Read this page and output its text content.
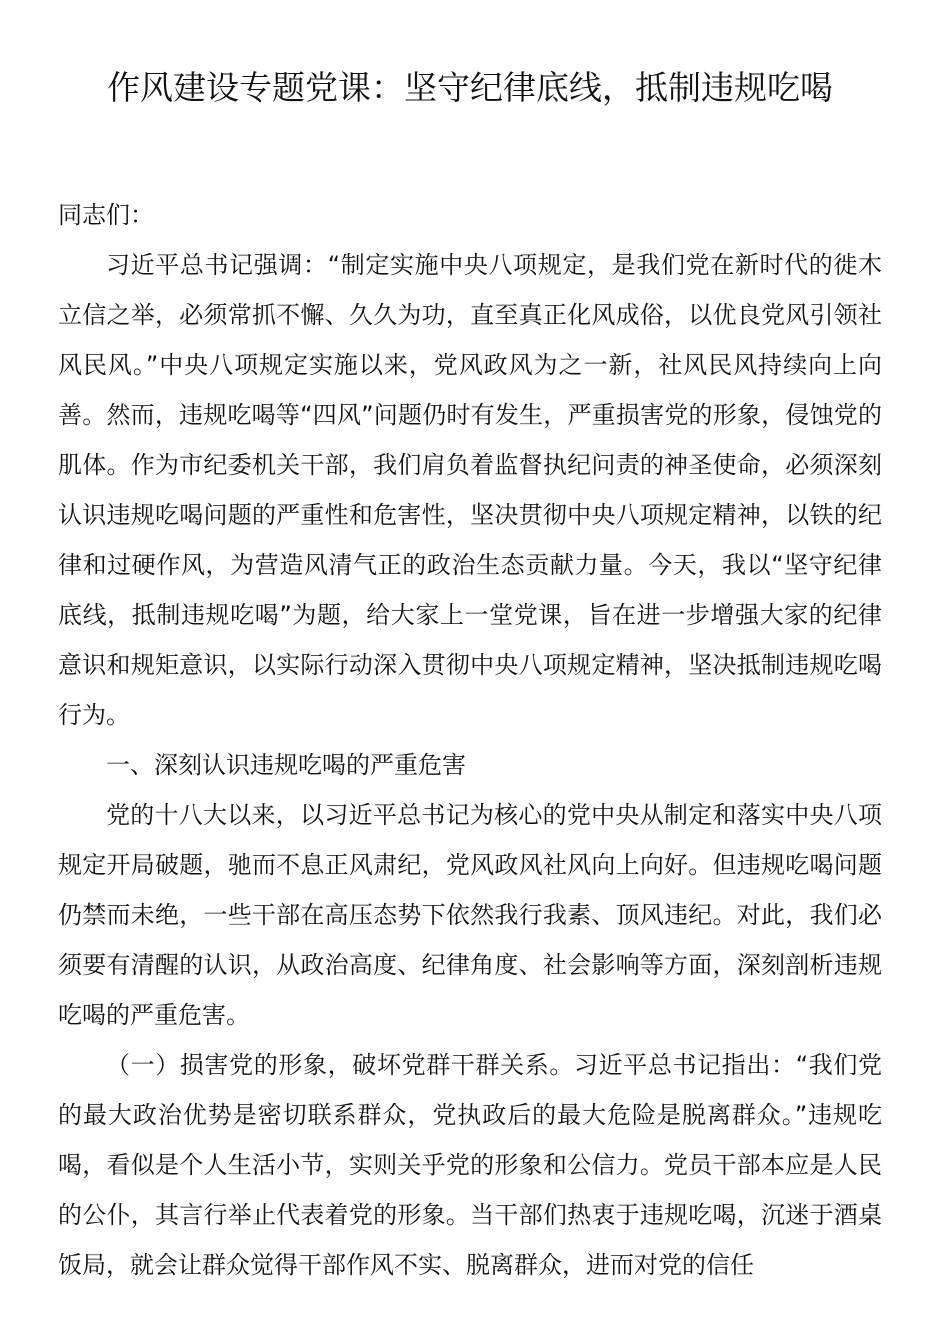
作风建设专题党课：坚守纪律底线，抵制违规吃喝

同志们：

习近平总书记强调：“制定实施中央八项规定，是我们党在新时代的徙木立信之举，必须常抓不懈、久久为功，直至真正化风成俗，以优良党风引领社风民风。”中央八项规定实施以来，党风政风为之一新，社风民风持续向上向善。然而，违规吃喝等“四风”问题仍时有发生，严重损害党的形象，侵蚀党的肌体。作为市纪委机关干部，我们肩负着监督执纪问责的神圣使命，必须深刻认识违规吃喝问题的严重性和危害性，坚决贯彻中央八项规定精神，以铁的纪律和过硬作风，为营造风清气正的政治生态贡献力量。今天，我以“坚守纪律底线，抵制违规吃喝”为题，给大家上一堂党课，旨在进一步增强大家的纪律意识和规矩意识，以实际行动深入贯彻中央八项规定精神，坚决抵制违规吃喝行为。

一、深刻认识违规吃喝的严重危害

党的十八大以来，以习近平总书记为核心的党中央从制定和落实中央八项规定开局破题，驰而不息正风肃纪，党风政风社风向上向好。但违规吃喝问题仍禁而未绝，一些干部在高压态势下依然我行我素、顶风违纪。对此，我们必须要有清醒的认识，从政治高度、纪律角度、社会影响等方面，深刻剖析违规吃喝的严重危害。

（一）损害党的形象，破坏党群干群关系。习近平总书记指出：“我们党的最大政治优势是密切联系群众，党执政后的最大危险是脱离群众。”违规吃喝，看似是个人生活小节，实则关乎党的形象和公信力。党员干部本应是人民的公仆，其言行举止代表着党的形象。当干部们热衷于违规吃喝，沉迷于酒桌饭局，就会让群众觉得干部作风不实、脱离群众，进而对党的信任
